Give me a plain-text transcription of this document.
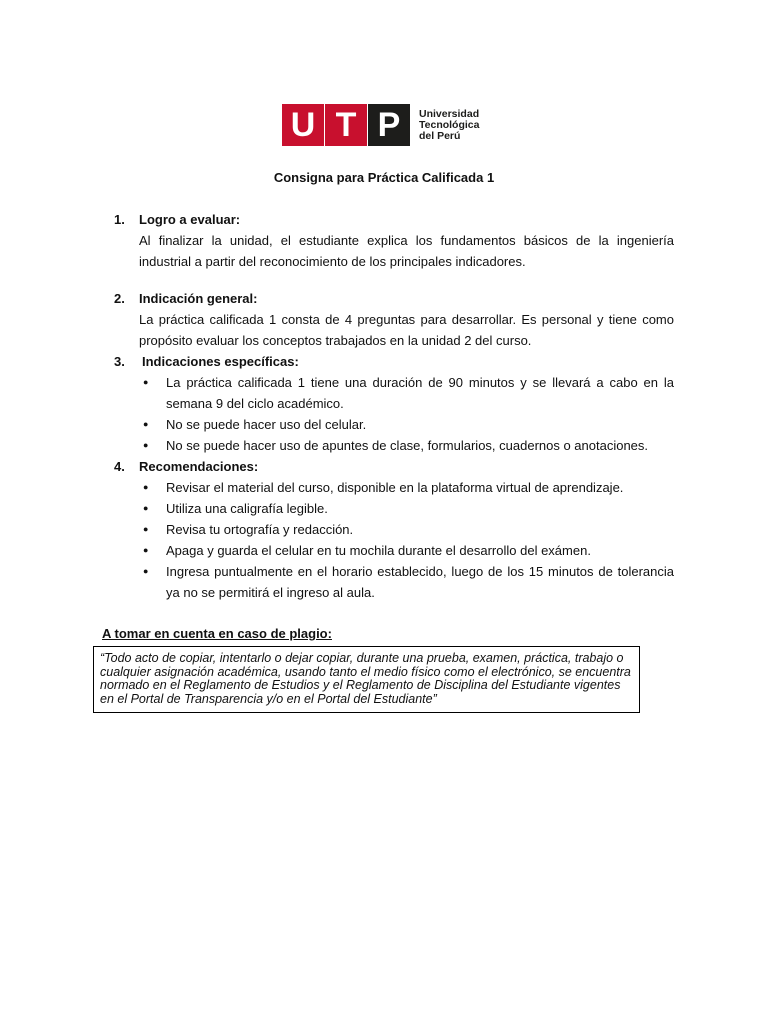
U T P	Universidad
Tecnológica
del Perú
Consigna para Práctica Calificada 1
1.	Logro a evaluar:
Al finalizar la unidad, el estudiante explica los fundamentos básicos de la ingeniería industrial a partir del reconocimiento de los principales indicadores.
2.	Indicación general:
La práctica calificada 1 consta de 4 preguntas para desarrollar. Es personal y tiene como propósito evaluar los conceptos trabajados en la unidad 2 del curso.
3.	Indicaciones específicas:
● La práctica calificada 1 tiene una duración de 90 minutos y se llevará a cabo en la semana 9 del ciclo académico.
● No se puede hacer uso del celular.
● No se puede hacer uso de apuntes de clase, formularios, cuadernos o anotaciones.
4.	Recomendaciones:
● Revisar el material del curso, disponible en la plataforma virtual de aprendizaje.
● Utiliza una caligrafía legible.
● Revisa tu ortografía y redacción.
● Apaga y guarda el celular en tu mochila durante el desarrollo del exámen.
● Ingresa puntualmente en el horario establecido, luego de los 15 minutos de tolerancia ya no se permitirá el ingreso al aula.
A tomar en cuenta en caso de plagio:
“Todo acto de copiar, intentarlo o dejar copiar, durante una prueba, examen, práctica, trabajo o cualquier asignación académica, usando tanto el medio físico como el electrónico, se encuentra normado en el Reglamento de Estudios y el Reglamento de Disciplina del Estudiante vigentes en el Portal de Transparencia y/o en el Portal del Estudiante”
